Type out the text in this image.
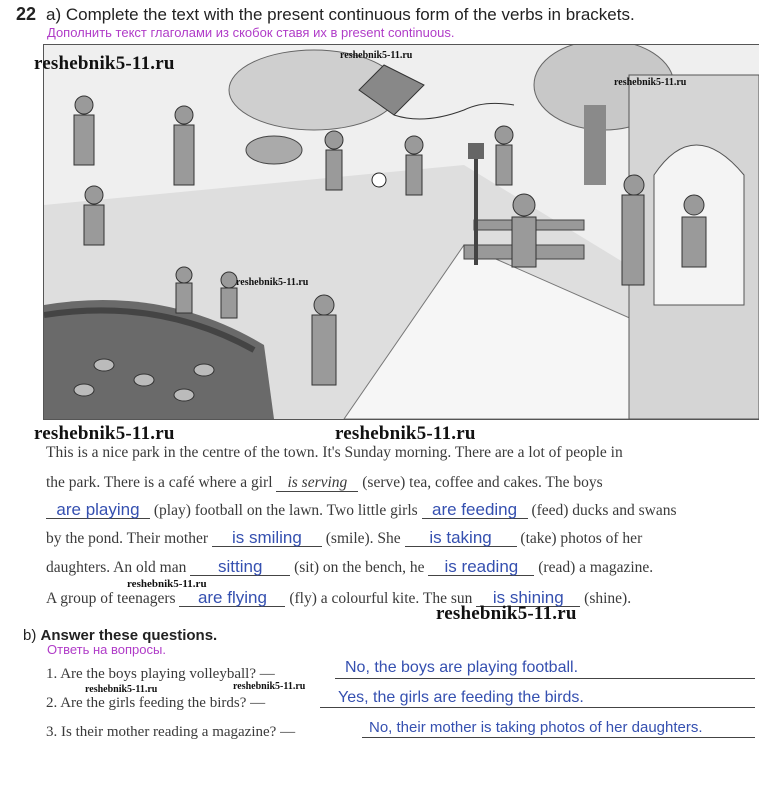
22 a) Complete the text with the present continuous form of the verbs in brackets.
Дополнить текст глаголами из скобок ставя их в present continuous.
reshebnik5-11.ru	reshebnik5-11.ru
reshebnik5-11.ru
reshebnik5-11.ru
reshebnik5-11.ru	reshebnik5-11.ru
This is a nice park in the centre of the town. It's Sunday morning. There are a lot of people in
the park. There is a café where a girl is serving (serve) tea, coffee and cakes. The boys
are playing (play) football on the lawn. Two little girls are feeding (feed) ducks and swans
by the pond. Their mother is smiling (smile). She is taking (take) photos of her
daughters. An old man sitting (sit) on the bench, he is reading (read) a magazine.
reshebnik5-11.ru
A group of teenagers are flying (fly) a colourful kite. The sun is shining (shine).
reshebnik5-11.ru
b) Answer these questions.
Ответь на вопросы.
1. Are the boys playing volleyball? —	No, the boys are playing football.
reshebnik5-11.ru	reshebnik5-11.ru
2. Are the girls feeding the birds? —	Yes, the girls are feeding the birds.
3. Is their mother reading a magazine? —	No, their mother is taking photos of her daughters.
